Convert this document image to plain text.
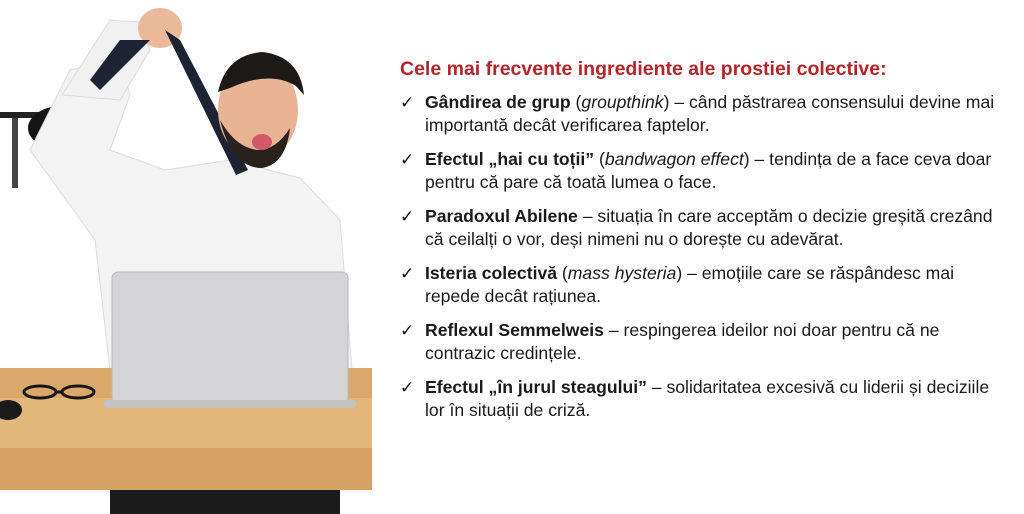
Cele mai frecvente ingrediente ale prostiei colective:
✓ Gândirea de grup (groupthink) – când păstrarea consensului devine mai importantă decât verificarea faptelor.
✓ Efectul „hai cu toții” (bandwagon effect) – tendința de a face ceva doar pentru că pare că toată lumea o face.
✓ Paradoxul Abilene – situația în care acceptăm o decizie greșită crezând că ceilalți o vor, deși nimeni nu o dorește cu adevărat.
✓ Isteria colectivă (mass hysteria) – emoțiile care se răspândesc mai repede decât rațiunea.
✓ Reflexul Semmelweis – respingerea ideilor noi doar pentru că ne contrazic credințele.
✓ Efectul „în jurul steagului” – solidaritatea excesivă cu liderii și deciziile lor în situații de criză.
